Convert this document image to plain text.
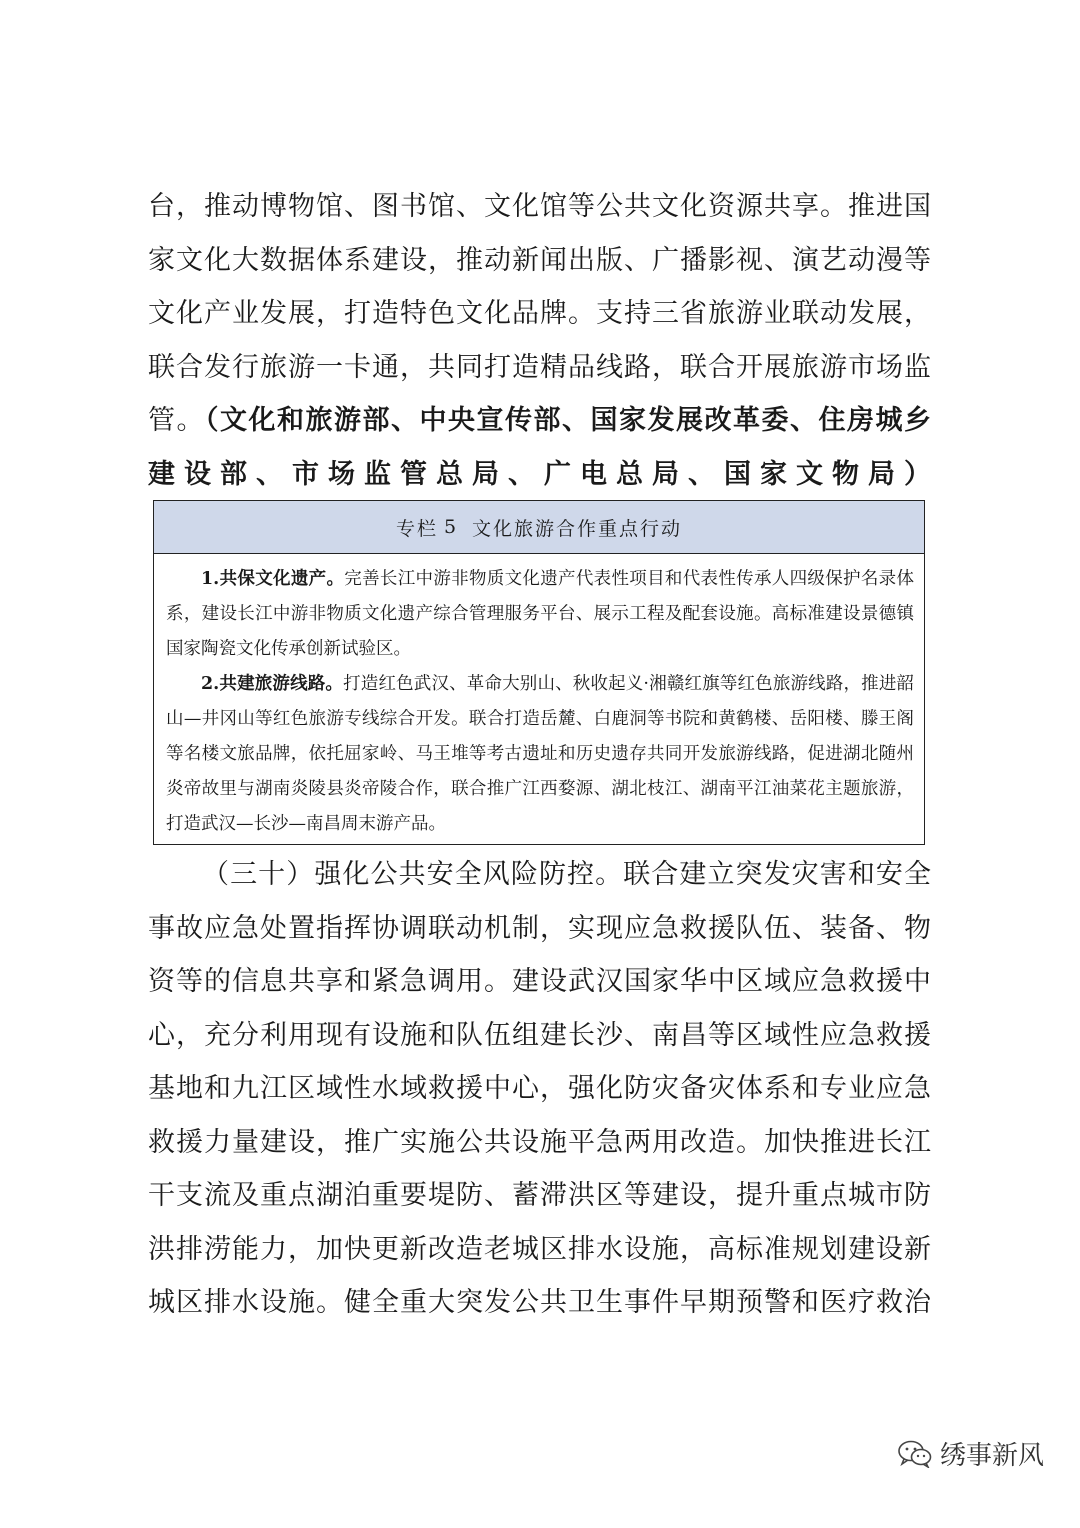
台，推动博物馆、图书馆、文化馆等公共文化资源共享。推进国
家文化大数据体系建设，推动新闻出版、广播影视、演艺动漫等
文化产业发展，打造特色文化品牌。支持三省旅游业联动发展，
联合发行旅游一卡通，共同打造精品线路，联合开展旅游市场监
管。（文化和旅游部、中央宣传部、国家发展改革委、住房城乡
建设部、市场监管总局、广电总局、国家文物局）
专栏 5 文化旅游合作重点行动

1.共保文化遗产。完善长江中游非物质文化遗产代表性项目和代表性传承人四级保护名录体系，建设长江中游非物质文化遗产综合管理服务平台、展示工程及配套设施。高标准建设景德镇国家陶瓷文化传承创新试验区。

2.共建旅游线路。打造红色武汉、革命大别山、秋收起义·湘赣红旗等红色旅游线路，推进韶山—井冈山等红色旅游专线综合开发。联合打造岳麓、白鹿洞等书院和黄鹤楼、岳阳楼、滕王阁等名楼文旅品牌，依托屈家岭、马王堆等考古遗址和历史遗存共同开发旅游线路，促进湖北随州炎帝故里与湖南炎陵县炎帝陵合作，联合推广江西婺源、湖北枝江、湖南平江油菜花主题旅游，打造武汉—长沙—南昌周末游产品。

（三十）强化公共安全风险防控。联合建立突发灾害和安全
事故应急处置指挥协调联动机制，实现应急救援队伍、装备、物
资等的信息共享和紧急调用。建设武汉国家华中区域应急救援中
心，充分利用现有设施和队伍组建长沙、南昌等区域性应急救援
基地和九江区域性水域救援中心，强化防灾备灾体系和专业应急
救援力量建设，推广实施公共设施平急两用改造。加快推进长江
干支流及重点湖泊重要堤防、蓄滞洪区等建设，提升重点城市防
洪排涝能力，加快更新改造老城区排水设施，高标准规划建设新
城区排水设施。健全重大突发公共卫生事件早期预警和医疗救治
绣事新风
